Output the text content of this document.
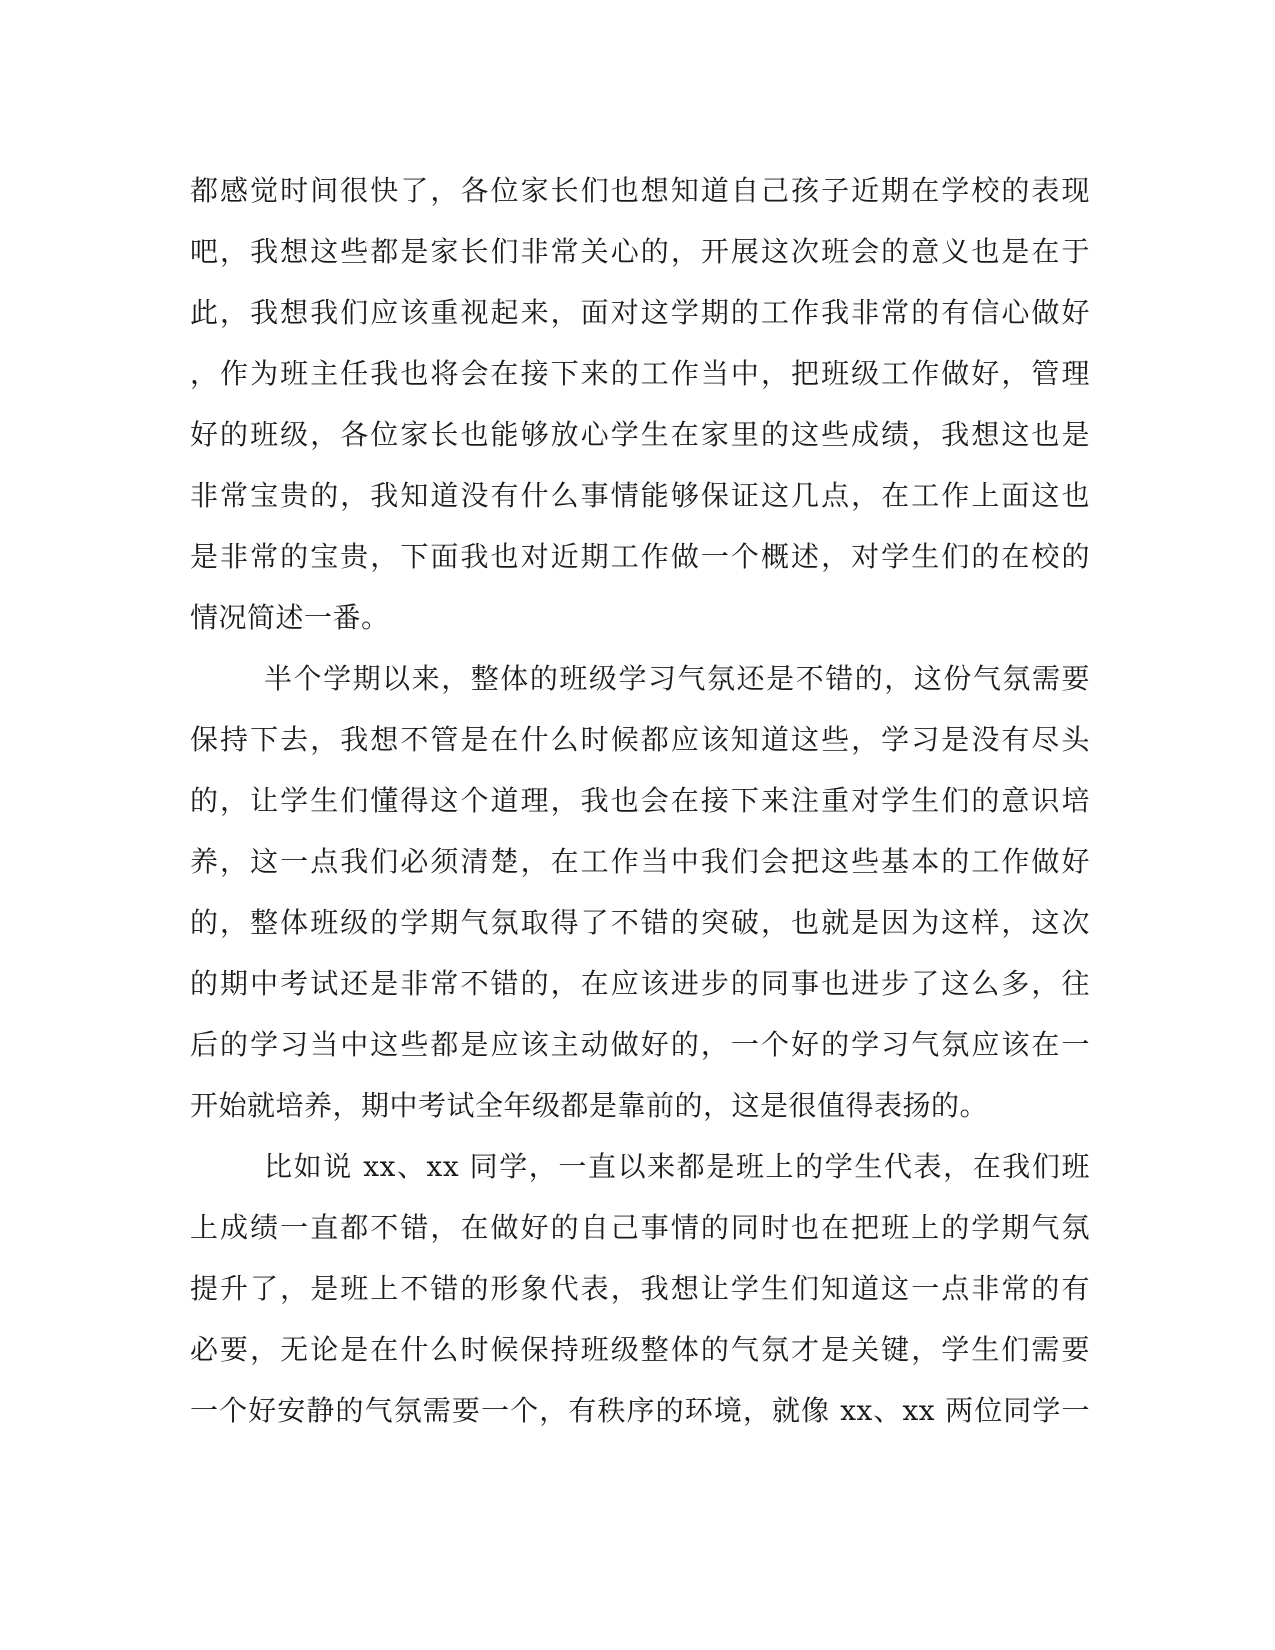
都感觉时间很快了，各位家长们也想知道自己孩子近期在学校的表现
吧，我想这些都是家长们非常关心的，开展这次班会的意义也是在于
此，我想我们应该重视起来，面对这学期的工作我非常的有信心做好
，作为班主任我也将会在接下来的工作当中，把班级工作做好，管理
好的班级，各位家长也能够放心学生在家里的这些成绩，我想这也是
非常宝贵的，我知道没有什么事情能够保证这几点，在工作上面这也
是非常的宝贵，下面我也对近期工作做一个概述，对学生们的在校的
情况简述一番。
半个学期以来，整体的班级学习气氛还是不错的，这份气氛需要
保持下去，我想不管是在什么时候都应该知道这些，学习是没有尽头
的，让学生们懂得这个道理，我也会在接下来注重对学生们的意识培
养，这一点我们必须清楚，在工作当中我们会把这些基本的工作做好
的，整体班级的学期气氛取得了不错的突破，也就是因为这样，这次
的期中考试还是非常不错的，在应该进步的同事也进步了这么多，往
后的学习当中这些都是应该主动做好的，一个好的学习气氛应该在一
开始就培养，期中考试全年级都是靠前的，这是很值得表扬的。
比如说 xx、xx 同学，一直以来都是班上的学生代表，在我们班
上成绩一直都不错，在做好的自己事情的同时也在把班上的学期气氛
提升了，是班上不错的形象代表，我想让学生们知道这一点非常的有
必要，无论是在什么时候保持班级整体的气氛才是关键，学生们需要
一个好安静的气氛需要一个，有秩序的环境，就像 xx、xx 两位同学一
